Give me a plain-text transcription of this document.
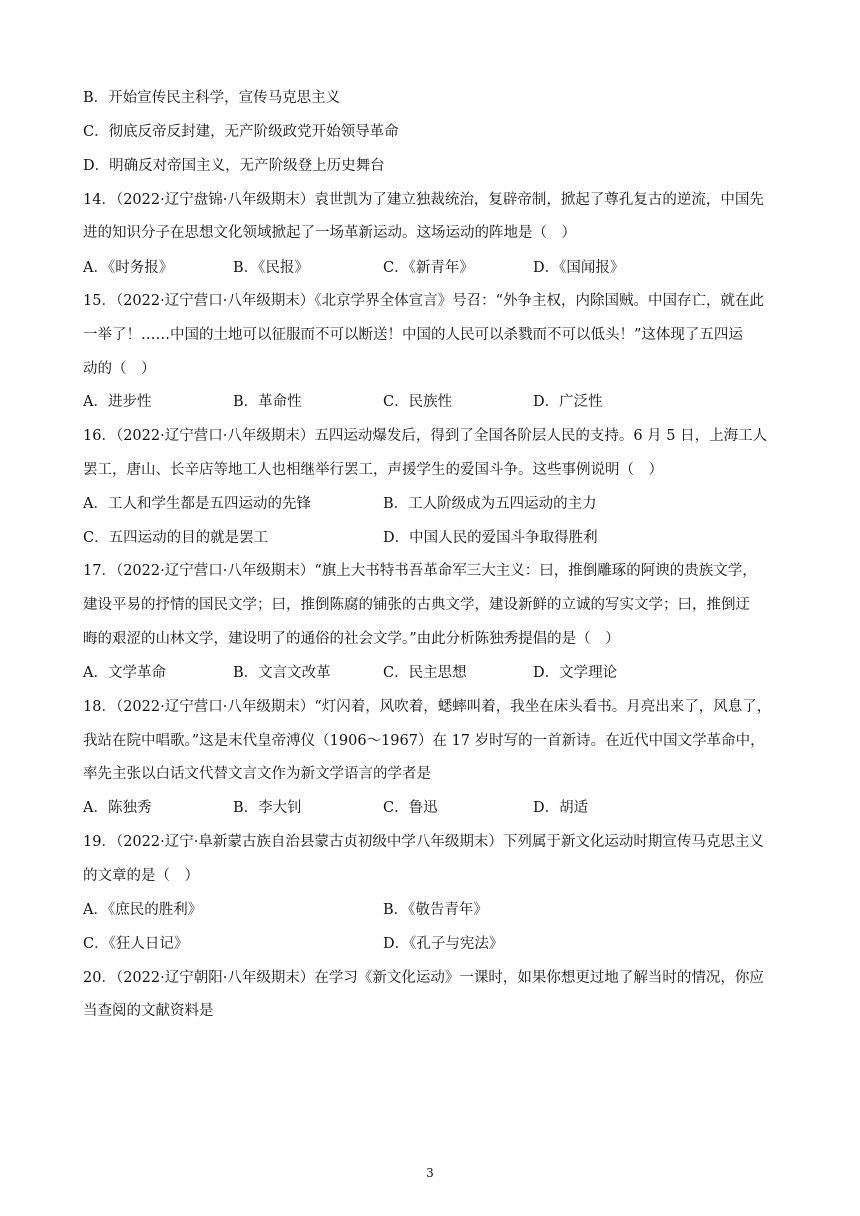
B．开始宣传民主科学，宣传马克思主义
C．彻底反帝反封建，无产阶级政党开始领导革命
D．明确反对帝国主义，无产阶级登上历史舞台
14．（2022·辽宁盘锦·八年级期末）袁世凯为了建立独裁统治，复辟帝制，掀起了尊孔复古的逆流，中国先
进的知识分子在思想文化领域掀起了一场革新运动。这场运动的阵地是（　）
A．《时务报》	B．《民报》	C．《新青年》	D．《国闻报》
15．（2022·辽宁营口·八年级期末）《北京学界全体宣言》号召：“外争主权，内除国贼。中国存亡，就在此
一举了！……中国的土地可以征服而不可以断送！中国的人民可以杀戮而不可以低头！”这体现了五四运
动的（　）
A．进步性	B．革命性	C．民族性	D．广泛性
16．（2022·辽宁营口·八年级期末）五四运动爆发后，得到了全国各阶层人民的支持。6 月 5 日，上海工人
罢工，唐山、长辛店等地工人也相继举行罢工，声援学生的爱国斗争。这些事例说明（　）
A．工人和学生都是五四运动的先锋	B．工人阶级成为五四运动的主力
C．五四运动的目的就是罢工	D．中国人民的爱国斗争取得胜利
17．（2022·辽宁营口·八年级期末）“旗上大书特书吾革命军三大主义：曰，推倒雕琢的阿谀的贵族文学，
建设平易的抒情的国民文学；曰，推倒陈腐的铺张的古典文学，建设新鲜的立诚的写实文学；曰，推倒迂
晦的艰涩的山林文学，建设明了的通俗的社会文学。”由此分析陈独秀提倡的是（　）
A．文学革命	B．文言文改革	C．民主思想	D．文学理论
18．（2022·辽宁营口·八年级期末）“灯闪着，风吹着，蟋蟀叫着，我坐在床头看书。月亮出来了，风息了，
我站在院中唱歌。”这是末代皇帝溥仪（1906～1967）在 17 岁时写的一首新诗。在近代中国文学革命中，
率先主张以白话文代替文言文作为新文学语言的学者是
A．陈独秀	B．李大钊	C．鲁迅	D．胡适
19．（2022·辽宁·阜新蒙古族自治县蒙古贞初级中学八年级期末）下列属于新文化运动时期宣传马克思主义
的文章的是（　）
A．《庶民的胜利》	B．《敬告青年》
C．《狂人日记》	D．《孔子与宪法》
20．（2022·辽宁朝阳·八年级期末）在学习《新文化运动》一课时，如果你想更过地了解当时的情况，你应
当查阅的文献资料是
3
